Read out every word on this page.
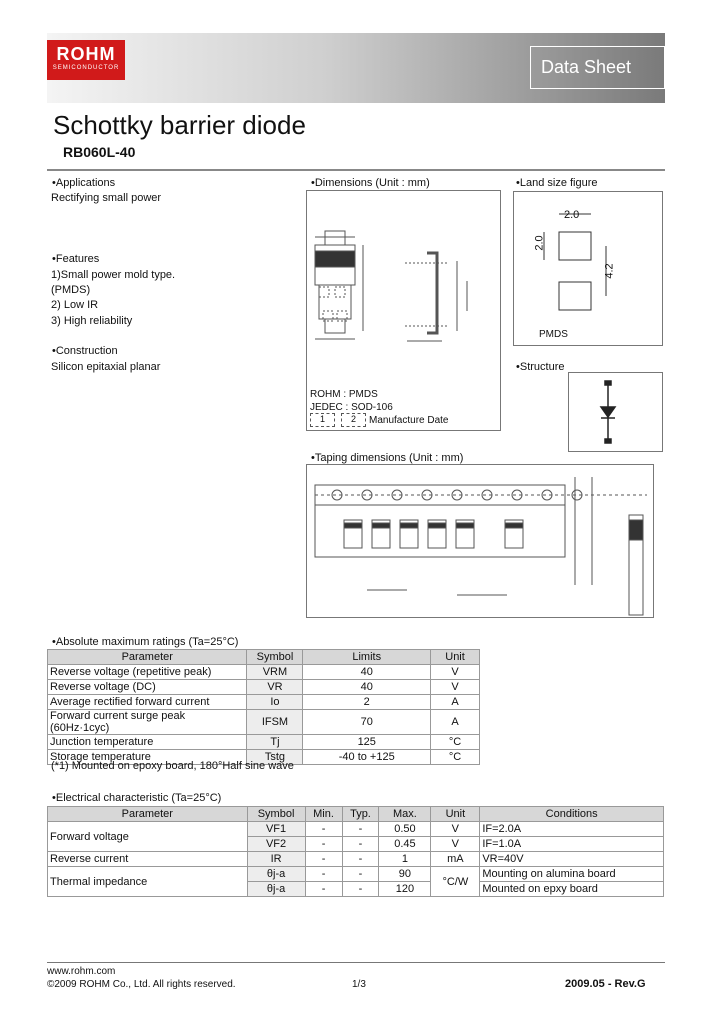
ROHM
SEMICONDUCTOR	Data Sheet
Schottky barrier diode
RB060L-40
•Applications
Rectifying small power
•Features
1)Small power mold type.
(PMDS)
2) Low IR
3) High reliability
•Construction
Silicon epitaxial planar
•Dimensions (Unit : mm)
ROHM : PMDS
JEDEC : SOD-106
1	2	Manufacture Date
•Land size figure
2.0
2.0
4.2
PMDS
•Structure
•Taping dimensions (Unit : mm)
•Absolute maximum ratings (Ta=25°C)
Parameter	Symbol	Limits	Unit
Reverse voltage (repetitive peak)	VRM	40	V
Reverse voltage (DC)	VR	40	V
Average rectified forward current	Io	2	A
Forward current surge peak (60Hz·1cyc)	IFSM	70	A
Junction temperature	Tj	125	°C
Storage temperature	Tstg	-40 to +125	°C
(*1) Mounted on epoxy board, 180°Half sine wave
•Electrical characteristic (Ta=25°C)
Parameter	Symbol	Min.	Typ.	Max.	Unit	Conditions
Forward voltage	VF1	-	-	0.50	V	IF=2.0A
	VF2	-	-	0.45	V	IF=1.0A
Reverse current	IR	-	-	1	mA	VR=40V
Thermal impedance	θj-a	-	-	90	°C/W	Mounting on alumina board
	θj-a	-	-	120		Mounted on epxy board
www.rohm.com
©2009 ROHM Co., Ltd. All rights reserved.	1/3	2009.05 - Rev.G
